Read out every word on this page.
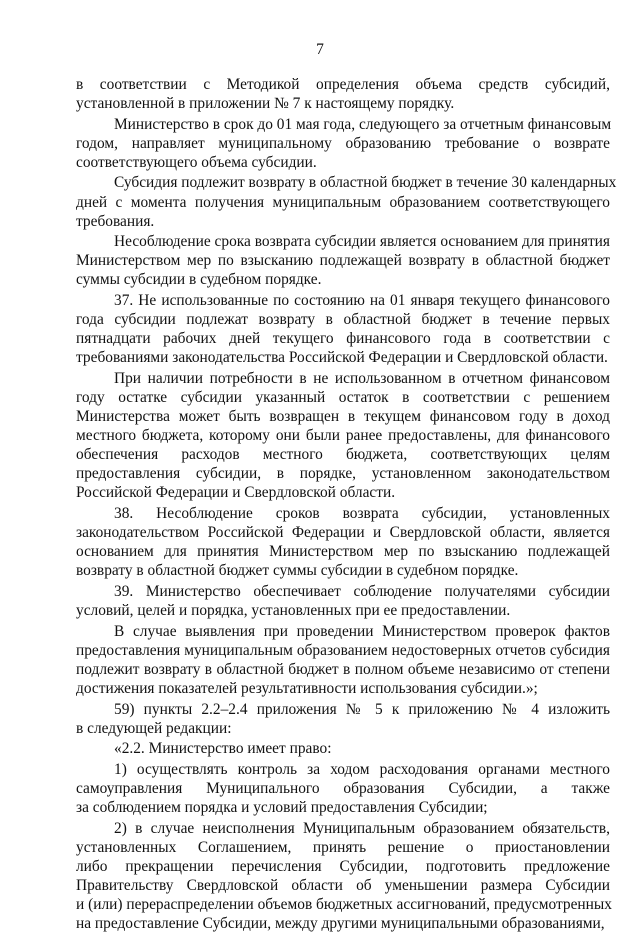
7
в соответствии с Методикой определения объема средств субсидий,
установленной в приложении № 7 к настоящему порядку.
Министерство в срок до 01 мая года, следующего за отчетным финансовым
годом, направляет муниципальному образованию требование о возврате
соответствующего объема субсидии.
Субсидия подлежит возврату в областной бюджет в течение 30 календарных
дней с момента получения муниципальным образованием соответствующего
требования.
Несоблюдение срока возврата субсидии является основанием для принятия
Министерством мер по взысканию подлежащей возврату в областной бюджет
суммы субсидии в судебном порядке.
37. Не использованные по состоянию на 01 января текущего финансового
года субсидии подлежат возврату в областной бюджет в течение первых
пятнадцати рабочих дней текущего финансового года в соответствии с
требованиями законодательства Российской Федерации и Свердловской области.
При наличии потребности в не использованном в отчетном финансовом
году остатке субсидии указанный остаток в соответствии с решением
Министерства может быть возвращен в текущем финансовом году в доход
местного бюджета, которому они были ранее предоставлены, для финансового
обеспечения расходов местного бюджета, соответствующих целям
предоставления субсидии, в порядке, установленном законодательством
Российской Федерации и Свердловской области.
38. Несоблюдение сроков возврата субсидии, установленных
законодательством Российской Федерации и Свердловской области, является
основанием для принятия Министерством мер по взысканию подлежащей
возврату в областной бюджет суммы субсидии в судебном порядке.
39. Министерство обеспечивает соблюдение получателями субсидии
условий, целей и порядка, установленных при ее предоставлении.
В случае выявления при проведении Министерством проверок фактов
предоставления муниципальным образованием недостоверных отчетов субсидия
подлежит возврату в областной бюджет в полном объеме независимо от степени
достижения показателей результативности использования субсидии.»;
59) пункты 2.2–2.4 приложения № 5 к приложению № 4 изложить
в следующей редакции:
«2.2. Министерство имеет право:
1) осуществлять контроль за ходом расходования органами местного
самоуправления Муниципального образования Субсидии, а также
за соблюдением порядка и условий предоставления Субсидии;
2) в случае неисполнения Муниципальным образованием обязательств,
установленных Соглашением, принять решение о приостановлении
либо прекращении перечисления Субсидии, подготовить предложение
Правительству Свердловской области об уменьшении размера Субсидии
и (или) перераспределении объемов бюджетных ассигнований, предусмотренных
на предоставление Субсидии, между другими муниципальными образованиями,
